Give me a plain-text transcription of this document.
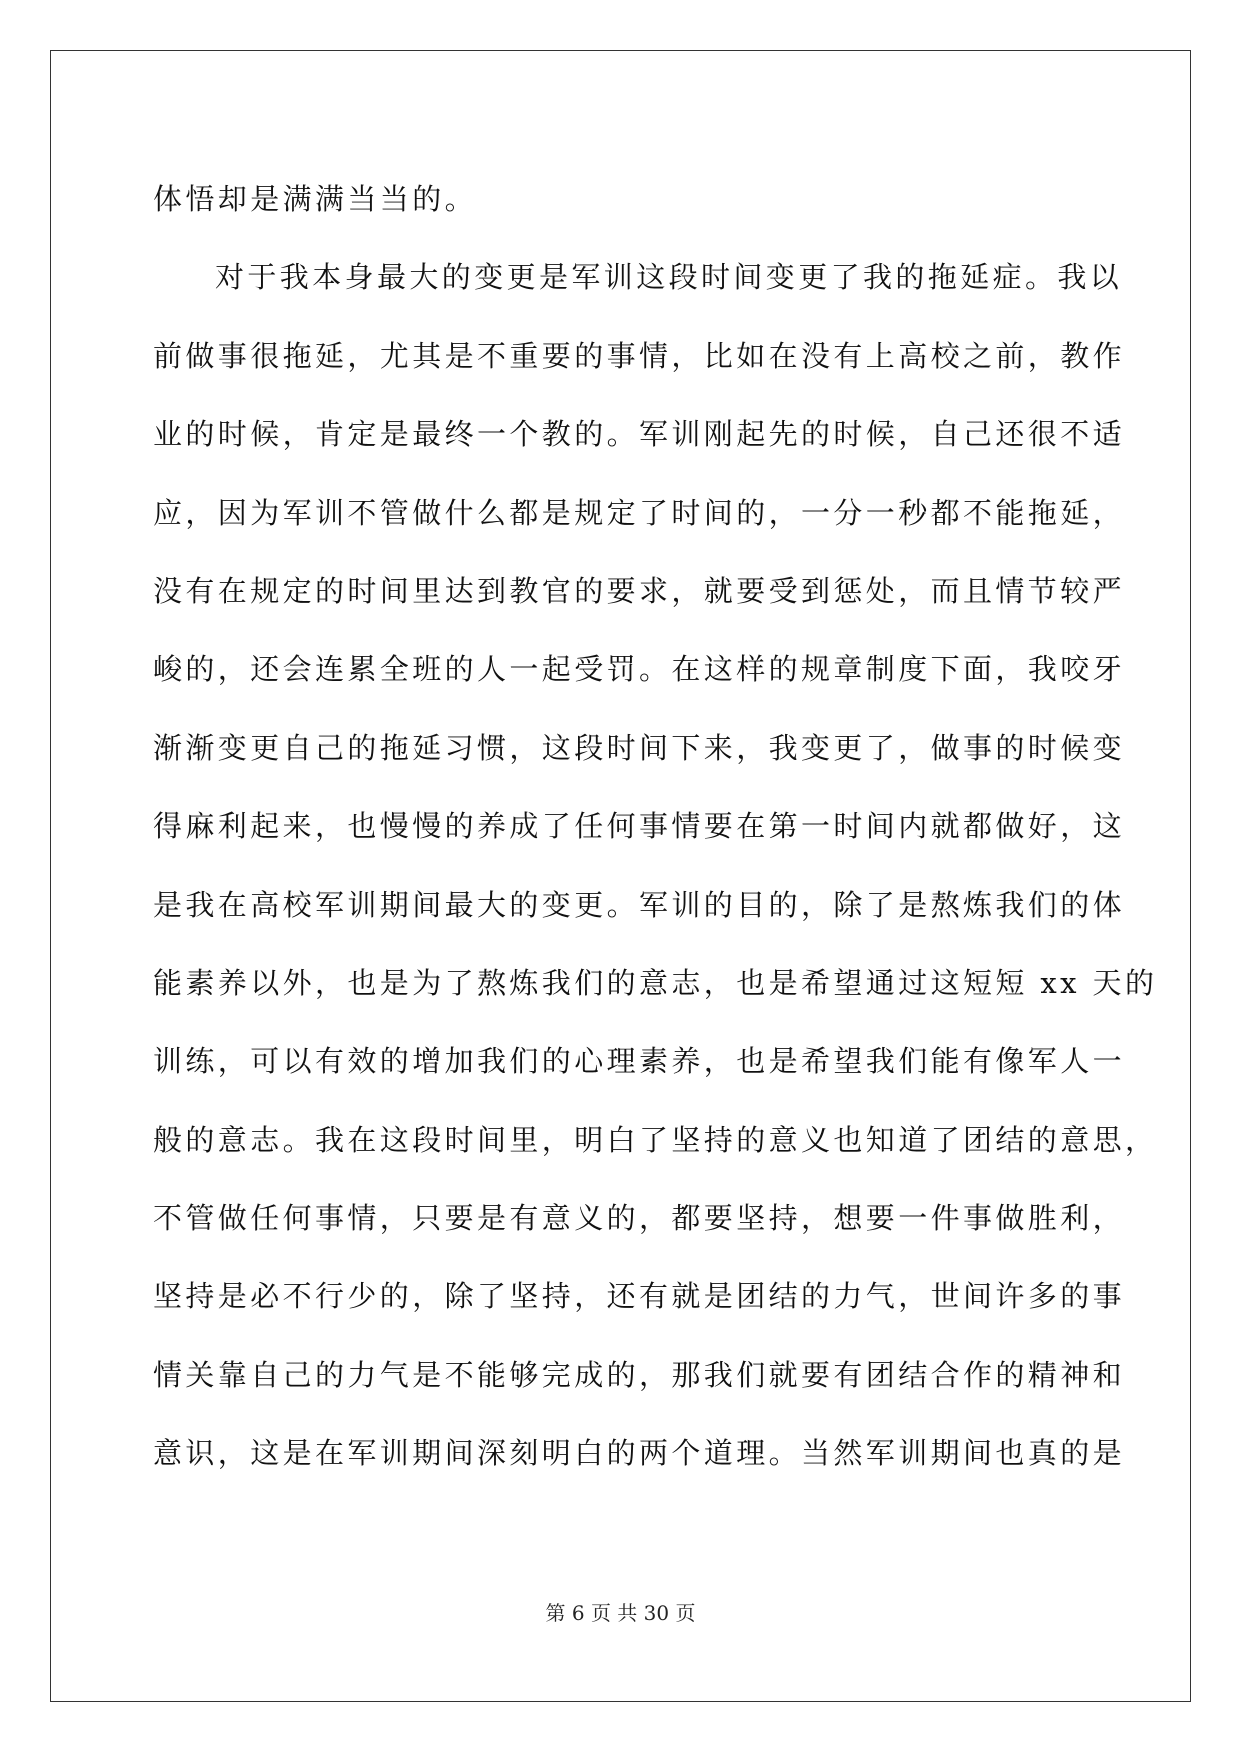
体悟却是满满当当的。
对于我本身最大的变更是军训这段时间变更了我的拖延症。我以
前做事很拖延，尤其是不重要的事情，比如在没有上高校之前，教作
业的时候，肯定是最终一个教的。军训刚起先的时候，自己还很不适
应，因为军训不管做什么都是规定了时间的，一分一秒都不能拖延，
没有在规定的时间里达到教官的要求，就要受到惩处，而且情节较严
峻的，还会连累全班的人一起受罚。在这样的规章制度下面，我咬牙
渐渐变更自己的拖延习惯，这段时间下来，我变更了，做事的时候变
得麻利起来，也慢慢的养成了任何事情要在第一时间内就都做好，这
是我在高校军训期间最大的变更。军训的目的，除了是熬炼我们的体
能素养以外，也是为了熬炼我们的意志，也是希望通过这短短 xx 天的
训练，可以有效的增加我们的心理素养，也是希望我们能有像军人一
般的意志。我在这段时间里，明白了坚持的意义也知道了团结的意思，
不管做任何事情，只要是有意义的，都要坚持，想要一件事做胜利，
坚持是必不行少的，除了坚持，还有就是团结的力气，世间许多的事
情关靠自己的力气是不能够完成的，那我们就要有团结合作的精神和
意识，这是在军训期间深刻明白的两个道理。当然军训期间也真的是
第 6 页 共 30 页
